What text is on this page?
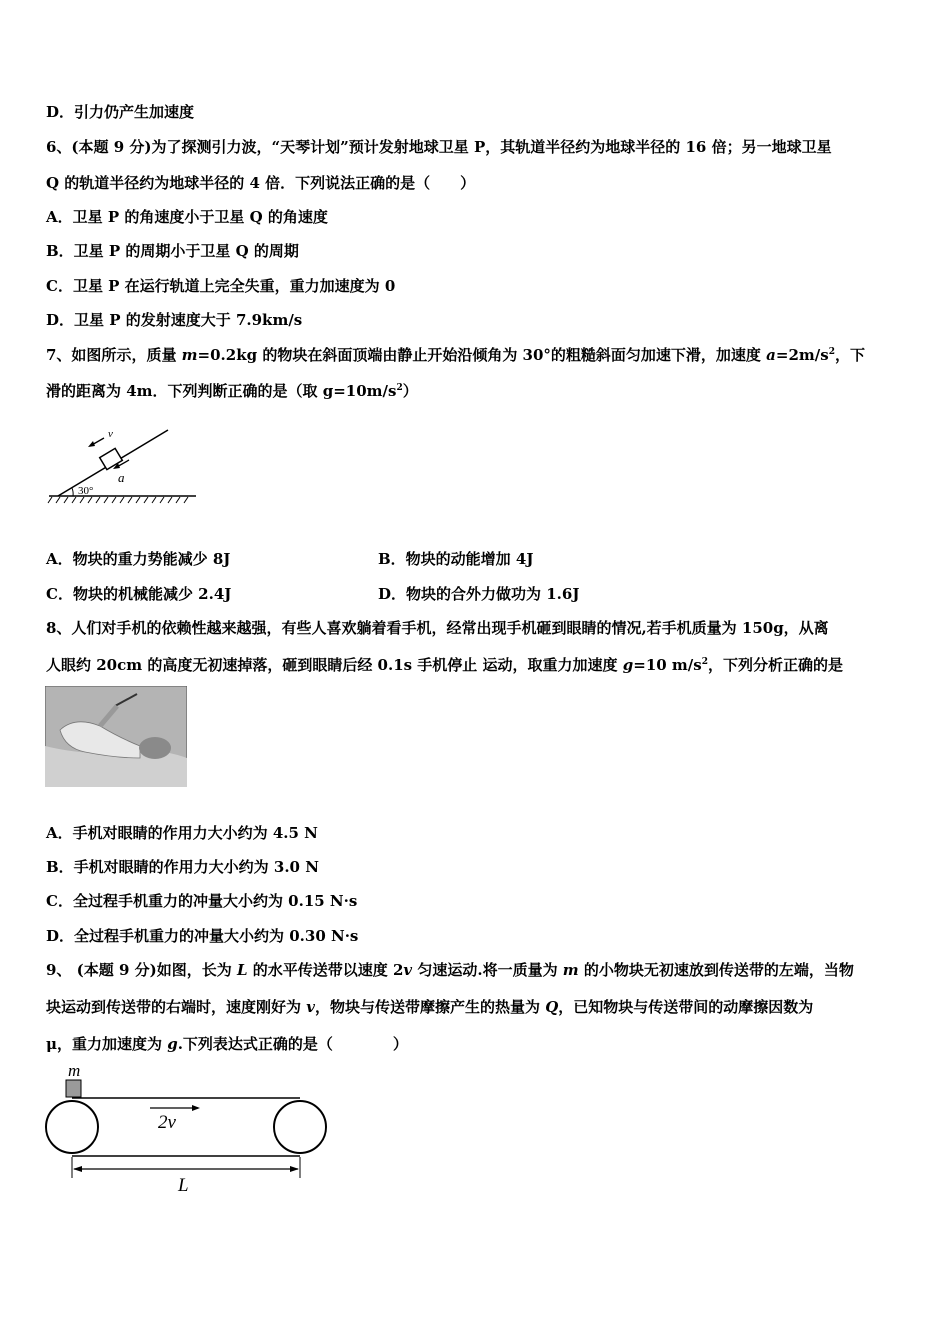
D．引力仍产生加速度
6、(本题 9 分)为了探测引力波，“天琴计划”预计发射地球卫星 P，其轨道半径约为地球半径的 16 倍；另一地球卫星
Q 的轨道半径约为地球半径的 4 倍．下列说法正确的是（　　）
A．卫星 P 的角速度小于卫星 Q 的角速度
B．卫星 P 的周期小于卫星 Q 的周期
C．卫星 P 在运行轨道上完全失重，重力加速度为 0
D．卫星 P 的发射速度大于 7.9km/s
7、如图所示，质量 m=0.2kg 的物块在斜面顶端由静止开始沿倾角为 30°的粗糙斜面匀加速下滑，加速度 $a=2m/s^2$，下
滑的距离为 4m．下列判断正确的是（取 $g=10m/s^2$）
30°
v
a
A．物块的重力势能减少 8J	B．物块的动能增加 4J
C．物块的机械能减少 2.4J	D．物块的合外力做功为 1.6J
8、人们对手机的依赖性越来越强，有些人喜欢躺着看手机，经常出现手机砸到眼睛的情况,若手机质量为 150g，从离
人眼约 20cm 的高度无初速掉落，砸到眼睛后经 0.1s 手机停止 运动，取重力加速度 g=10 $m/s^2$，下列分析正确的是
A．手机对眼睛的作用力大小约为 4.5 N
B．手机对眼睛的作用力大小约为 3.0 N
C．全过程手机重力的冲量大小约为 0.15 N·s
D．全过程手机重力的冲量大小约为 0.30 N·s
9、 (本题 9 分)如图，长为 L 的水平传送带以速度 2v 匀速运动.将一质量为 m 的小物块无初速放到传送带的左端，当物
块运动到传送带的右端时，速度刚好为 v，物块与传送带摩擦产生的热量为 Q，已知物块与传送带间的动摩擦因数为
μ，重力加速度为 g.下列表达式正确的是（　　　　）
m
2v
L
